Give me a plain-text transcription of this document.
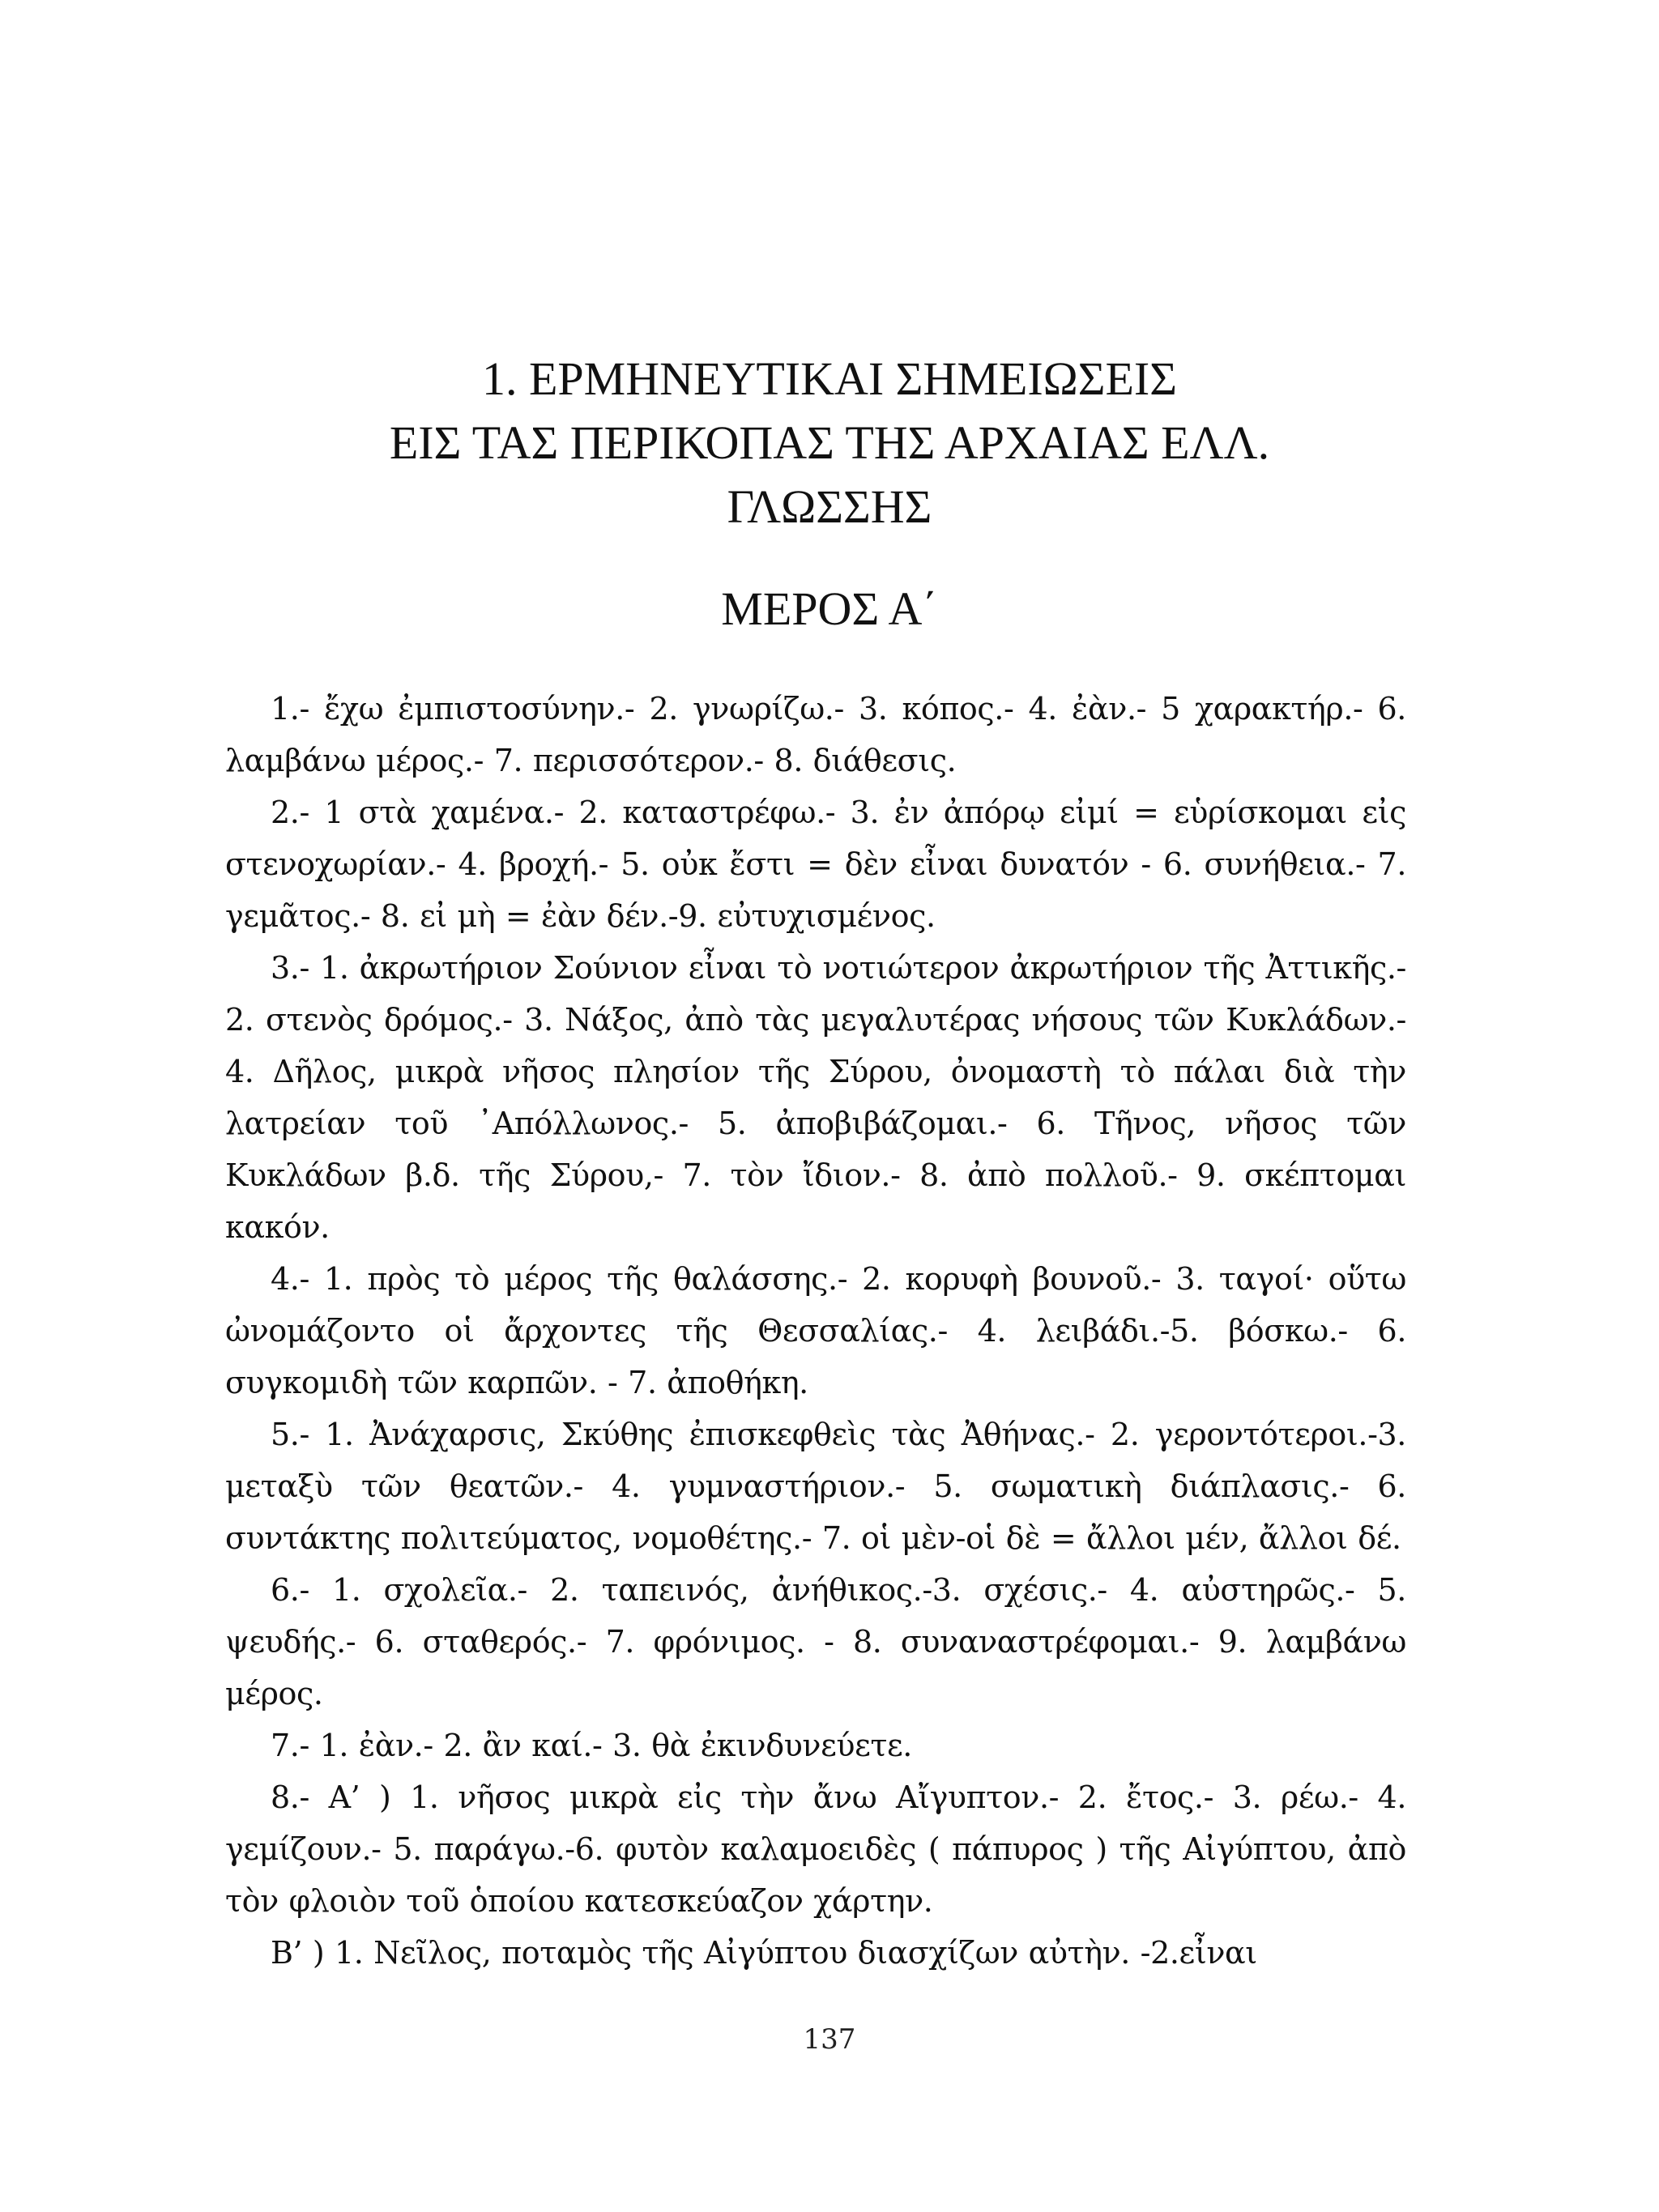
1. ΕΡΜΗΝΕΥΤΙΚΑΙ ΣΗΜΕΙΩΣΕΙΣ
ΕΙΣ ΤΑΣ ΠΕΡΙΚΟΠΑΣ ΤΗΣ ΑΡΧΑΙΑΣ ΕΛΛ.
ΓΛΩΣΣΗΣ
ΜΕΡΟΣ Α΄

1.- ἔχω ἐμπιστοσύνην.- 2. γνωρίζω.- 3. κόπος.- 4. ἐὰν.- 5 χαρακτήρ.- 6. λαμβάνω μέρος.- 7. περισσότερον.- 8. διάθεσις.

2.- 1 στὰ χαμένα.- 2. καταστρέφω.- 3. ἐν ἀπόρῳ εἰμί = εὑρίσκομαι εἰς στενοχωρίαν.- 4. βροχή.- 5. οὐκ ἔστι = δὲν εἶναι δυνατόν - 6. συνήθεια.- 7. γεμᾶτος.- 8. εἰ μὴ = ἐὰν δέν.-9. εὐτυχισμένος.

3.- 1. ἀκρωτήριον Σούνιον εἶναι τὸ νοτιώτερον ἀκρωτήριον τῆς Ἀττικῆς.- 2. στενὸς δρόμος.- 3. Νάξος, ἀπὸ τὰς μεγαλυτέρας νήσους τῶν Κυκλάδων.- 4. Δῆλος, μικρὰ νῆσος πλησίον τῆς Σύρου, ὀνομαστὴ τὸ πάλαι διὰ τὴν λατρείαν τοῦ ᾿Απόλλωνος.- 5. ἀποβιβάζομαι.- 6. Τῆνος, νῆσος τῶν Κυκλάδων β.δ. τῆς Σύρου,- 7. τὸν ἴδιον.- 8. ἀπὸ πολλοῦ.- 9. σκέπτομαι κακόν.

4.- 1. πρὸς τὸ μέρος τῆς θαλάσσης.- 2. κορυφὴ βουνοῦ.- 3. ταγοί· οὕτω ὠνομάζοντο οἱ ἄρχοντες τῆς Θεσσαλίας.- 4. λειβάδι.-5. βόσκω.- 6. συγκομιδὴ τῶν καρπῶν. - 7. ἀποθήκη.

5.- 1. Ἀνάχαρσις, Σκύθης ἐπισκεφθεὶς τὰς Ἀθήνας.- 2. γεροντότεροι.-3. μεταξὺ τῶν θεατῶν.- 4. γυμναστήριον.- 5. σωματικὴ διάπλασις.- 6. συντάκτης πολιτεύματος, νομοθέτης.- 7. οἱ μὲν-οἱ δὲ = ἄλλοι μέν, ἄλλοι δέ.

6.- 1. σχολεῖα.- 2. ταπεινός, ἀνήθικος.-3. σχέσις.- 4. αὐστηρῶς.- 5. ψευδής.- 6. σταθερός.- 7. φρόνιμος. - 8. συναναστρέφομαι.- 9. λαμβάνω μέρος.

7.- 1. ἐὰν.- 2. ἂν καί.- 3. θὰ ἐκινδυνεύετε.

8.- Α’ ) 1. νῆσος μικρὰ εἰς τὴν ἄνω Αἴγυπτον.- 2. ἔτος.- 3. ρέω.- 4. γεμίζουν.- 5. παράγω.-6. φυτὸν καλαμοειδὲς ( πάπυρος ) τῆς Αἰγύπτου, ἀπὸ τὸν φλοιὸν τοῦ ὁποίου κατεσκεύαζον χάρτην.

Β’ ) 1. Νεῖλος, ποταμὸς τῆς Αἰγύπτου διασχίζων αὐτὴν. -2.εἶναι

137
